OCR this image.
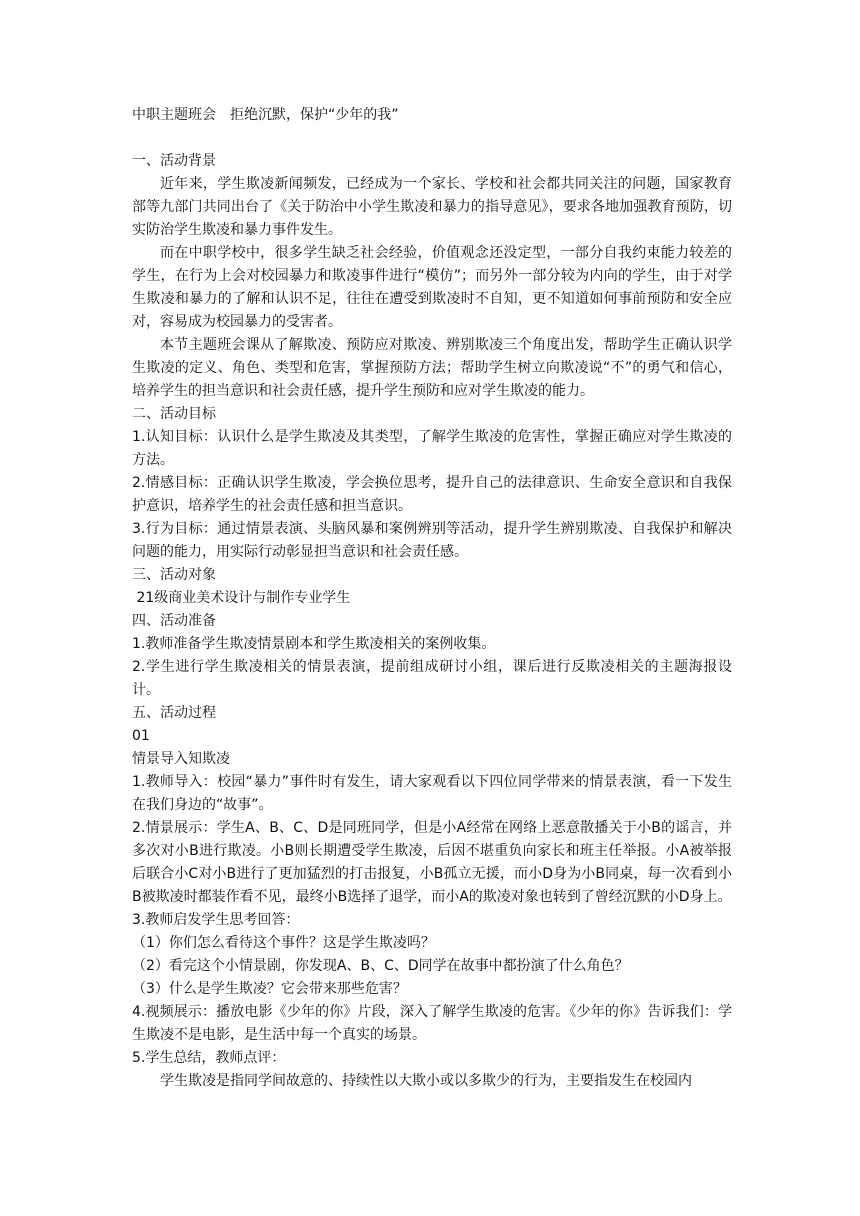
中职主题班会　拒绝沉默，保护“少年的我”

一、活动背景

近年来，学生欺凌新闻频发，已经成为一个家长、学校和社会都共同关注的问题，国家教育部等九部门共同出台了《关于防治中小学生欺凌和暴力的指导意见》，要求各地加强教育预防，切实防治学生欺凌和暴力事件发生。

而在中职学校中，很多学生缺乏社会经验，价值观念还没定型，一部分自我约束能力较差的学生，在行为上会对校园暴力和欺凌事件进行“模仿”；而另外一部分较为内向的学生，由于对学生欺凌和暴力的了解和认识不足，往往在遭受到欺凌时不自知，更不知道如何事前预防和安全应对，容易成为校园暴力的受害者。

本节主题班会课从了解欺凌、预防应对欺凌、辨别欺凌三个角度出发，帮助学生正确认识学生欺凌的定义、角色、类型和危害，掌握预防方法；帮助学生树立向欺凌说“不”的勇气和信心，培养学生的担当意识和社会责任感，提升学生预防和应对学生欺凌的能力。

二、活动目标

1.认知目标：认识什么是学生欺凌及其类型，了解学生欺凌的危害性，掌握正确应对学生欺凌的方法。

2.情感目标：正确认识学生欺凌，学会换位思考，提升自己的法律意识、生命安全意识和自我保护意识，培养学生的社会责任感和担当意识。

3.行为目标：通过情景表演、头脑风暴和案例辨别等活动，提升学生辨别欺凌、自我保护和解决问题的能力，用实际行动彰显担当意识和社会责任感。

三、活动对象

21级商业美术设计与制作专业学生

四、活动准备

1.教师准备学生欺凌情景剧本和学生欺凌相关的案例收集。

2.学生进行学生欺凌相关的情景表演，提前组成研讨小组，课后进行反欺凌相关的主题海报设计。

五、活动过程

01

情景导入知欺凌

1.教师导入：校园“暴力”事件时有发生，请大家观看以下四位同学带来的情景表演，看一下发生在我们身边的“故事”。

2.情景展示：学生A、B、C、D是同班同学，但是小A经常在网络上恶意散播关于小B的谣言，并多次对小B进行欺凌。小B则长期遭受学生欺凌，后因不堪重负向家长和班主任举报。小A被举报后联合小C对小B进行了更加猛烈的打击报复，小B孤立无援，而小D身为小B同桌，每一次看到小B被欺凌时都装作看不见，最终小B选择了退学，而小A的欺凌对象也转到了曾经沉默的小D身上。

3.教师启发学生思考回答：

（1）你们怎么看待这个事件？这是学生欺凌吗？

（2）看完这个小情景剧，你发现A、B、C、D同学在故事中都扮演了什么角色？

（3）什么是学生欺凌？它会带来那些危害？

4.视频展示：播放电影《少年的你》片段，深入了解学生欺凌的危害。《少年的你》告诉我们：学生欺凌不是电影，是生活中每一个真实的场景。

5.学生总结，教师点评：

学生欺凌是指同学间故意的、持续性以大欺小或以多欺少的行为，主要指发生在校园内
